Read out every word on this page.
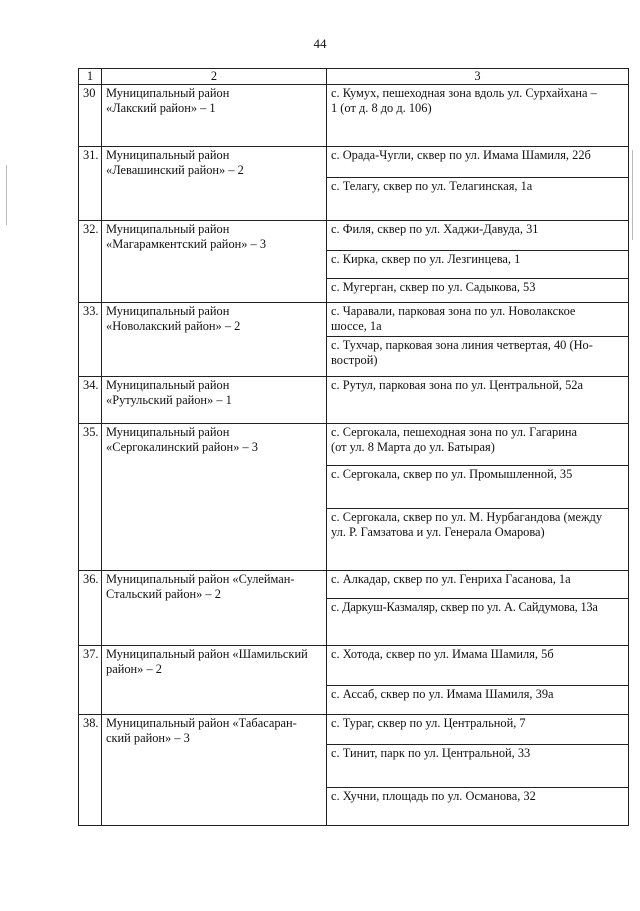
44
1	2	3
30	Муниципальный район
«Лакский район» – 1	с. Кумух, пешеходная зона вдоль ул. Сурхайхана –
1 (от д. 8 до д. 106)

31.	Муниципальный район
«Левашинский район» – 2	с. Орада-Чугли, сквер по ул. Имама Шамиля, 22б

		с. Телагу, сквер по ул. Телагинская, 1а

32.	Муниципальный район
«Магарамкентский район» – 3	с. Филя, сквер по ул. Хаджи-Давуда, 31

		с. Кирка, сквер по ул. Лезгинцева, 1

		с. Мугерган, сквер по ул. Садыкова, 53

33.	Муниципальный район
«Новолакский район» – 2	с. Чаравали, парковая зона по ул. Новолакское
шоссе, 1а

		с. Тухчар, парковая зона линия четвертая, 40 (Но-
вострой)

34.	Муниципальный район
«Рутульский район» – 1	с. Рутул, парковая зона по ул. Центральной, 52а

35.	Муниципальный район
«Сергокалинский район» – 3	с. Сергокала, пешеходная зона по ул. Гагарина
(от ул. 8 Марта до ул. Батырая)

		с. Сергокала, сквер по ул. Промышленной, 35

		с. Сергокала, сквер по ул. М. Нурбагандова (между
ул. Р. Гамзатова и ул. Генерала Омарова)

36.	Муниципальный район «Сулейман-
Стальский район» – 2	с. Алкадар, сквер по ул. Генриха Гасанова, 1а

		с. Даркуш-Казмаляр, сквер по ул. А. Сайдумова, 13а

37.	Муниципальный район «Шамильский
район» – 2	с. Хотода, сквер по ул. Имама Шамиля, 5б

		с. Ассаб, сквер по ул. Имама Шамиля, 39а

38.	Муниципальный район «Табасаран-
ский район» – 3	с. Тураг, сквер по ул. Центральной, 7

		с. Тинит, парк по ул. Центральной, 33

		с. Хучни, площадь по ул. Османова, 32
